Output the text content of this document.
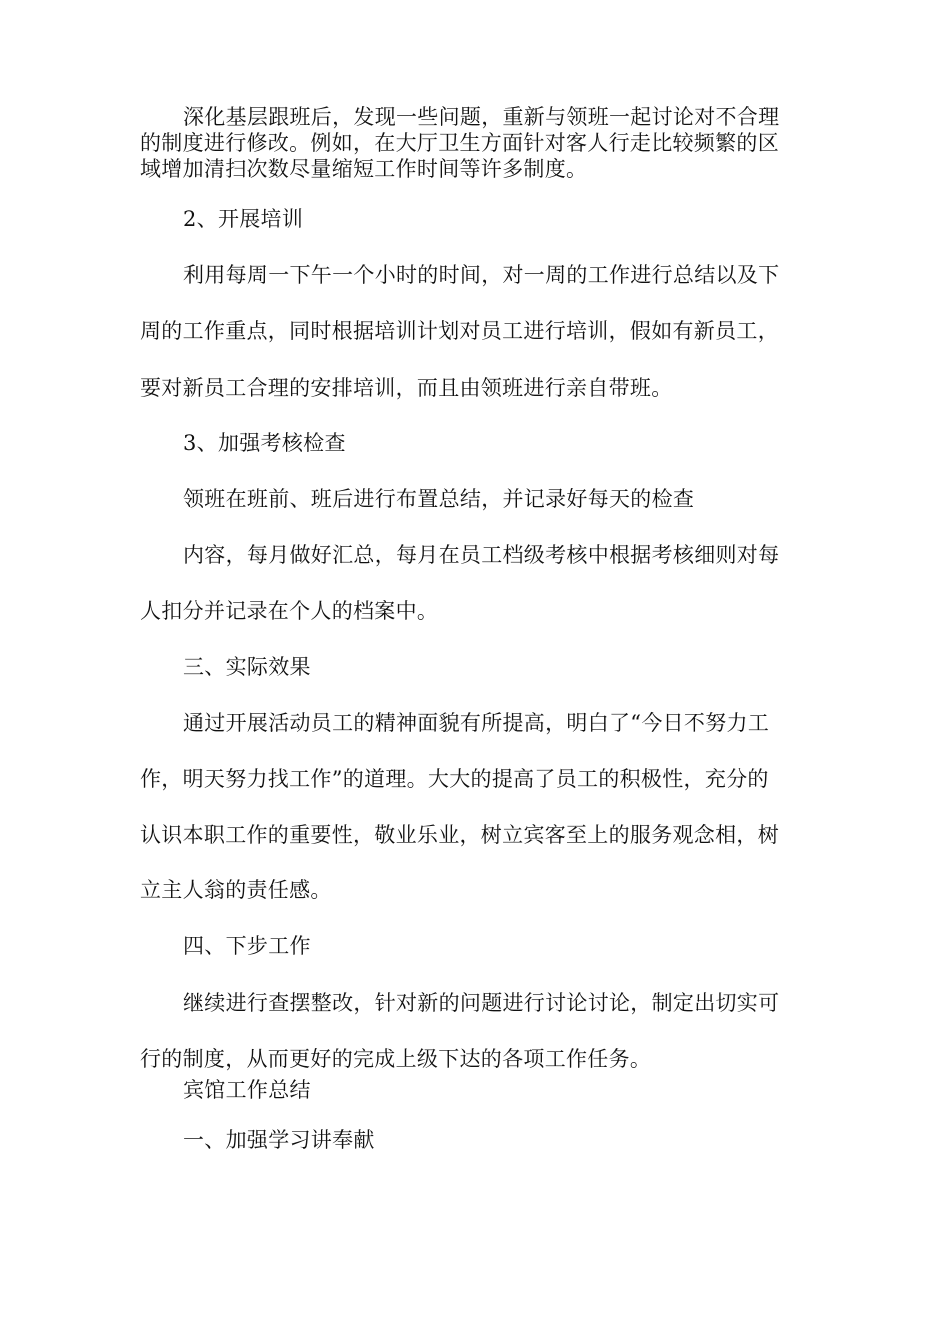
深化基层跟班后，发现一些问题，重新与领班一起讨论对不合理
的制度进行修改。例如，在大厅卫生方面针对客人行走比较频繁的区
域增加清扫次数尽量缩短工作时间等许多制度。
2、开展培训
利用每周一下午一个小时的时间，对一周的工作进行总结以及下
周的工作重点，同时根据培训计划对员工进行培训，假如有新员工，
要对新员工合理的安排培训，而且由领班进行亲自带班。
3、加强考核检查
领班在班前、班后进行布置总结，并记录好每天的检查
内容，每月做好汇总，每月在员工档级考核中根据考核细则对每
人扣分并记录在个人的档案中。
三、实际效果
通过开展活动员工的精神面貌有所提高，明白了“今日不努力工
作，明天努力找工作”的道理。大大的提高了员工的积极性，充分的
认识本职工作的重要性，敬业乐业，树立宾客至上的服务观念相，树
立主人翁的责任感。
四、下步工作
继续进行查摆整改，针对新的问题进行讨论讨论，制定出切实可
行的制度，从而更好的完成上级下达的各项工作任务。
宾馆工作总结
一、加强学习讲奉献
